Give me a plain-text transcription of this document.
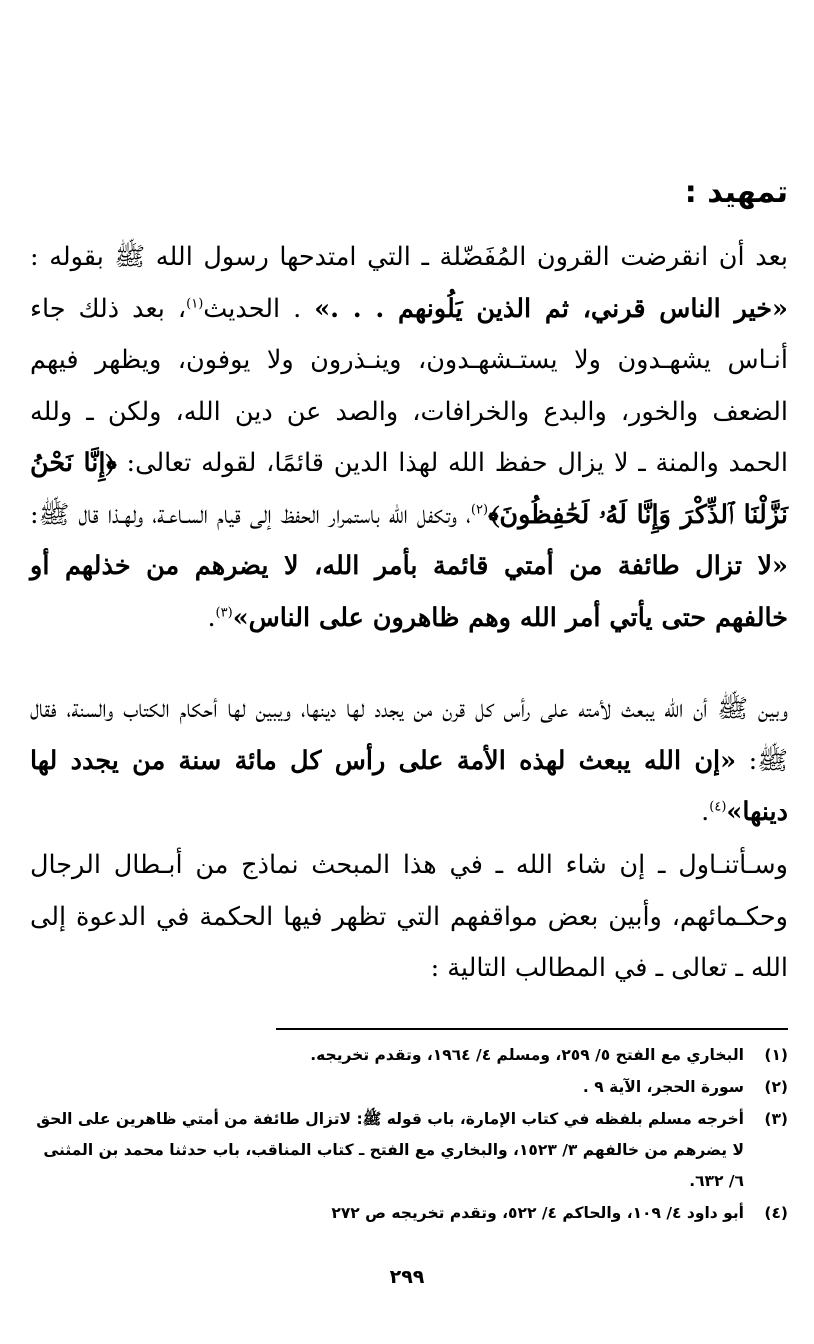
تمهيد :

بعد أن انقرضت القرون المُفَضّلة ـ التي امتدحها رسول الله ﷺ بقوله : «خير الناس قرني، ثم الذين يَلُونهم . . .» . الحديث$^{(١)}$، بعد ذلك جاء أنـاس يشهـدون ولا يستـشهـدون، وينـذرون ولا يوفون، ويظهر فيهم الضعف والخور، والبدع والخرافات، والصد عن دين الله، ولكن ـ ولله الحمد والمنة ـ لا يزال حفظ الله لهذا الدين قائمًا، لقوله تعالى: ﴿إِنَّا نَحْنُ نَزَّلْنَا ٱلذِّكْرَ وَإِنَّا لَهُۥ لَحَٰفِظُونَ﴾$^{(٢)}$، وتكفل الله باستمرار الحفظ إلى قيام السـاعـة، ولهـذا قال ﷺ: «لا تزال طائفة من أمتي قائمة بأمر الله، لا يضرهم من خذلهم أو خالفهم حتى يأتي أمر الله وهم ظاهرون على الناس»$^{(٣)}$.

وبين ﷺ أن الله يبعث لأمته على رأس كل قرن من يجدد لها دينها، ويبين لها أحكام الكتاب والسنة، فقال ﷺ: «إن الله يبعث لهذه الأمة على رأس كل مائة سنة من يجدد لها دينها»$^{(٤)}$.

وسـأتنـاول ـ إن شاء الله ـ في هذا المبحث نماذج من أبـطال الرجال وحكـمائهم، وأبين بعض مواقفهم التي تظهر فيها الحكمة في الدعوة إلى الله ـ تعالى ـ في المطالب التالية :

(١)
البخاري مع الفتح ٥/ ٢٥٩، ومسلم ٤/ ١٩٦٤، وتقدم تخريجه.
(٢)
سورة الحجر، الآية ٩ .
(٣)
أخرجه مسلم بلفظه في كتاب الإمارة، باب قوله ﷺ: لاتزال طائفة من أمتي ظاهرين على الحق لا يضرهم من خالفهم ٣/ ١٥٢٣، والبخاري مع الفتح ـ كتاب المناقب، باب حدثنا محمد بن المثنى ٦/ ٦٣٢.
(٤)
أبو داود ٤/ ١٠٩، والحاكم ٤/ ٥٢٢، وتقدم تخريجه ص ٢٧٢
٢٩٩
